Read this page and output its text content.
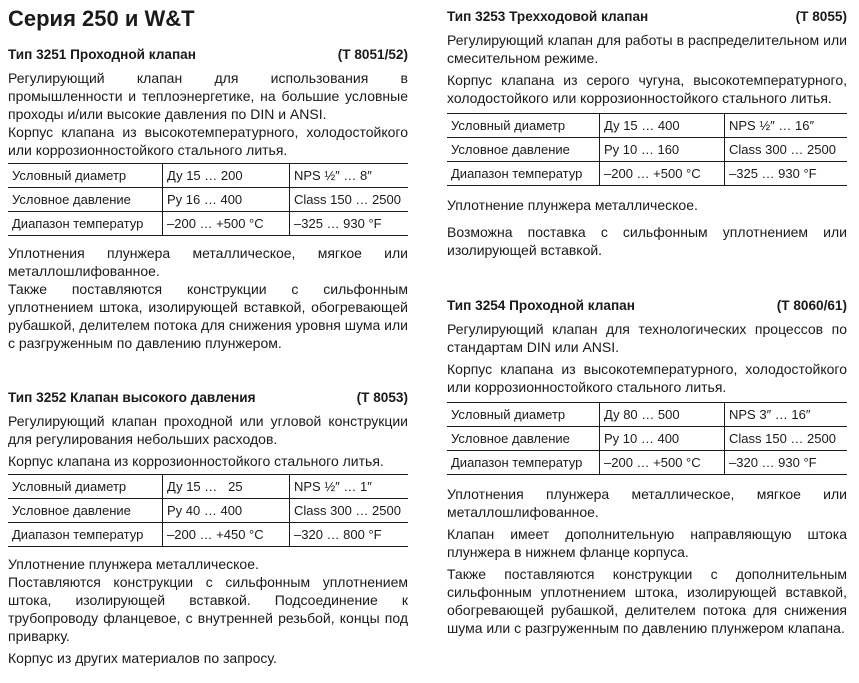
Серия 250 и W&T
Тип 3251 Проходной клапан	(Т 8051/52)

Регулирующий клапан для использования в промышленности и теплоэнергетике, на большие условные проходы и/или высокие давления по DIN и ANSI.

Корпус клапана из высокотемпературного, холодостойкого или коррозионностойкого стального литья.

Условный диаметр	Ду 15 … 200	NPS ½″ … 8″
Условное давление	Ру 16 … 400	Class 150 … 2500
Диапазон температур	–200 … +500 °C	–325 … 930 °F

Уплотнения плунжера металлическое, мягкое или металлошлифованное.

Также поставляются конструкции с сильфонным уплотнением штока, изолирующей вставкой, обогревающей рубашкой, делителем потока для снижения уровня шума или с разгруженным по давлению плунжером.

Тип 3252 Клапан высокого давления	(Т 8053)

Регулирующий клапан проходной или угловой конструкции для регулирования небольших расходов.

Корпус клапана из коррозионностойкого стального литья.

Условный диаметр	Ду 15 …   25	NPS ½″ … 1″
Условное давление	Ру 40 … 400	Class 300 … 2500
Диапазон температур	–200 … +450 °C	–320 … 800 °F

Уплотнение плунжера металлическое.

Поставляются конструкции с сильфонным уплотнением штока, изолирующей вставкой. Подсоединение к трубопроводу фланцевое, с внутренней резьбой, концы под приварку.

Корпус из других материалов по запросу.

Тип 3253 Трехходовой клапан	(Т 8055)

Регулирующий клапан для работы в распределительном или смесительном режиме.

Корпус клапана из серого чугуна, высокотемпературного, холодостойкого или коррозионностойкого стального литья.

Условный диаметр	Ду 15 … 400	NPS ½″ … 16″
Условное давление	Ру 10 … 160	Class 300 … 2500
Диапазон температур	–200 … +500 °C	–325 … 930 °F

Уплотнение плунжера металлическое.

Возможна поставка с сильфонным уплотнением или изолирующей вставкой.

Тип 3254 Проходной клапан	(Т 8060/61)

Регулирующий клапан для технологических процессов по стандартам DIN или ANSI.

Корпус клапана из высокотемпературного, холодостойкого или коррозионностойкого стального литья.

Условный диаметр	Ду 80 … 500	NPS 3″ … 16″
Условное давление	Ру 10 … 400	Class 150 … 2500
Диапазон температур	–200 … +500 °C	–320 … 930 °F

Уплотнения плунжера металлическое, мягкое или металлошлифованное.

Клапан имеет дополнительную направляющую штока плунжера в нижнем фланце корпуса.

Также поставляются конструкции с дополнительным сильфонным уплотнением штока, изолирующей вставкой, обогревающей рубашкой, делителем потока для снижения шума или с разгруженным по давлению плунжером клапана.
